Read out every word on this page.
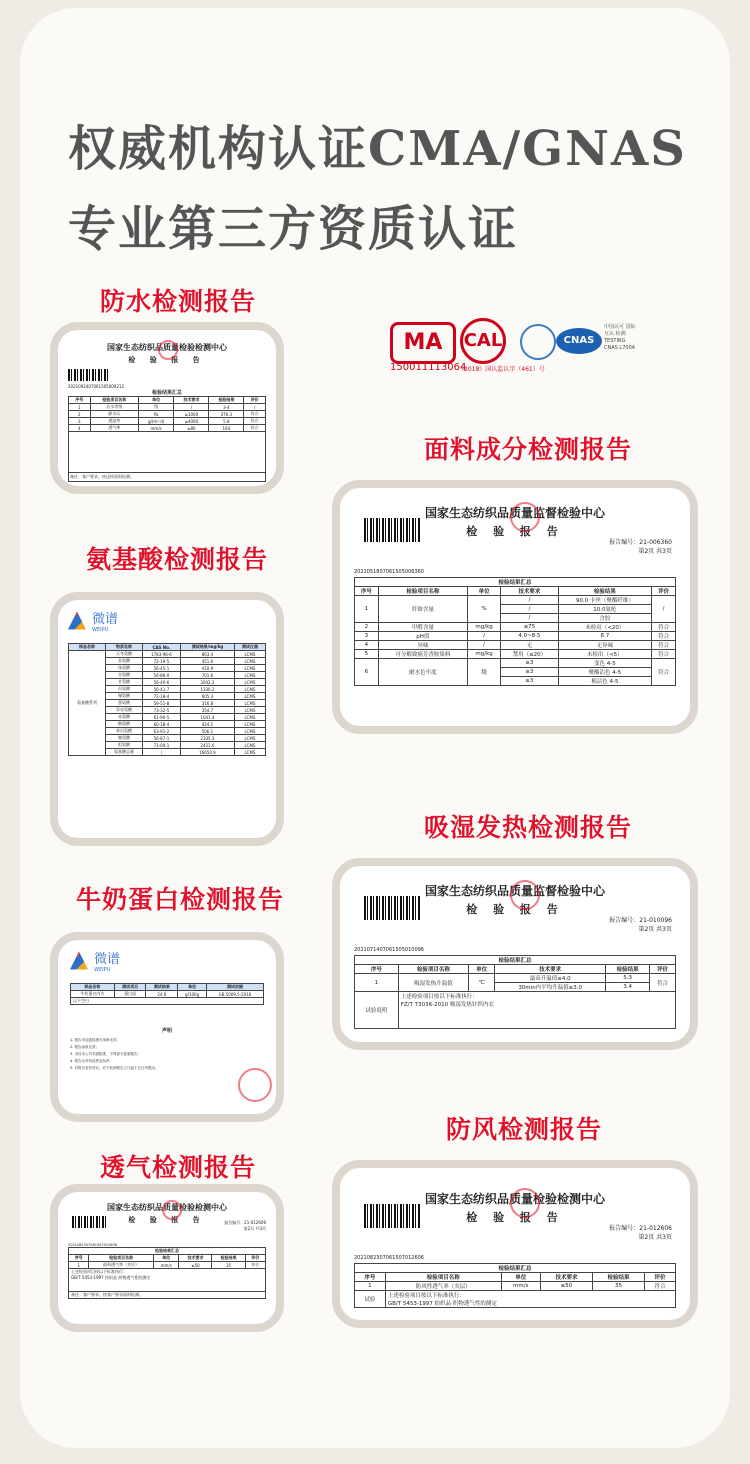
权威机构认证CMA/GNAS
专业第三方资质认证
防水检测报告
国家生态纺织品质量检验检测中心
检 验 报 告
2021092407061505009212
检验结果汇总
序号	检验项目名称	单位	技术要求	检验结果	评价
1	沾水等级	级	/	3-4	/
2	静水压	Pa	≥1000	376.3	符合
3	透湿率	g/(m²·d)	≥4000	5.8	符合
4	透气率	mm/s	≥80	164	符合
备注：客户要求，按送样面料检测。
MA	CAL	CNAS
中国认可 国际互认 检测 TESTING CNAS L7004
150011113064
（2018）国认监认字（461）号
面料成分检测报告
国家生态纺织品质量监督检验中心
检 验 报 告
报告编号：21-006360
第2页 共3页
2021051807061505006360
检验结果汇总					
序号	检验项目名称	单位	技术要求	检验结果	评价
1	纤维含量	%	/	90.0 卡丝（聚酯纤维）	/
			/	10.0氨纶	
			/	含胶	
2	甲醛含量	mg/kg	≤75	未检出（<20）	符合
3	pH值	/	4.0~8.5	6.7	符合
4	异味	/	无	无异味	符合
5	可分解致癌芳香胺染料	mg/kg	禁用（≤20）	未检出（<5）	符合
6	耐水色牢度	级	≥3	变色 4-5	符合
			≥3	聚酯沾色 4-5	
			≥3	棉沾色 4-5	
氨基酸检测报告
微谱
WEIPU
样品名称	物质名称	CAS No.	测试结果/mg/kg	测试仪器
氨基酸系列	天冬氨酸	1783-96-6	863.4	LCMS
	苏氨酸	72-19-5	451.6	LCMS
	丝氨酸	56-45-1	410.9	LCMS
	谷氨酸	56-86-0	701.6	LCMS
	甘氨酸	56-40-6	3042.2	LCMS
	丙氨酸	56-41-7	1330.2	LCMS
	缬氨酸	72-18-4	605.3	LCMS
	蛋氨酸	59-51-8	316.8	LCMS
	异亮氨酸	73-32-5	354.7	LCMS
	亮氨酸	61-90-5	1041.4	LCMS
	酪氨酸	60-18-4	424.1	LCMS
	苯丙氨酸	63-91-2	506.1	LCMS
	赖氨酸	56-87-1	2335.3	LCMS
	组氨酸	71-00-1	2421.6	LCMS
	氨基酸总量	/	16650.9	LCMS
吸湿发热检测报告
国家生态纺织品质量监督检验中心
检 验 报 告
报告编号：21-010096
第2页 共3页
2021071407061505010096
检验结果汇总					
序号	检验项目名称	单位	技术要求	检验结果	评价
1	吸湿发热升温值	℃	最高升温值≥4.0	5.3	符合
			30min内平均升温值≥3.0	3.4	
试验说明	上述检验项目按以下标准执行：
FZ/T 73036-2010 吸湿发热针织内衣				
牛奶蛋白检测报告
微谱
WEIPU
样品名称	测试项目	测试结果	单位	测试依据
牛奶蛋白内衣	蛋白质	24.6	g/100g	GB 5009.5-2016
以下空白				
声明
1. 报告未加盖检测专用章无效；
2. 报告涂改无效；
3. 未经本公司书面批准，不得部分复制报告；
4. 报告仅对所送样品负责；
5. 对报告若有异议，应于收到报告之日起十五日内提出。
防风检测报告
透气检测报告
国家生态纺织品质量检验检测中心
检 验 报 告
报告编号：21-012606
第2页 共3页
2021082307061507012606
检验结果汇总					
序号	检验项目名称	单位	技术要求	检验结果	评价
1	防风性透气率（夹层）	mm/s	≤50	35	符合
试验	上述检验项目按以下标准执行：
GB/T 5453-1997 纺织品 织物透气性的测定				
国家生态纺织品质量检验检测中心
检 验 报 告	报告编号：21-012606
第2页 共3页
2021082307061507012606
检验结果汇总					
序号	检验项目名称	单位	技术要求	检验结果	评价
1	面料透气率（夹层）	mm/s	≤50	35	符合

上述检验项目按以下标准执行：
GB/T 5453-1997 纺织品 织物透气性的测定					

备注：客户要求，按客户要求面料检测。					
